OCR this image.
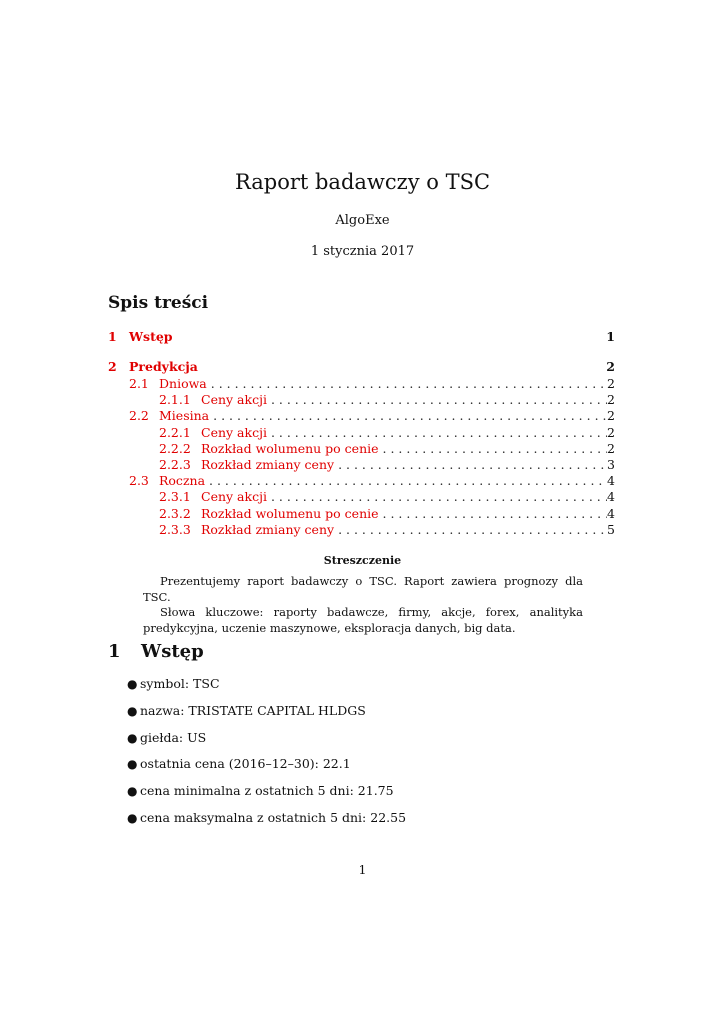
Raport badawczy o TSC
AlgoExe
1 stycznia 2017
Spis treści
1 Wstęp	1
2 Predykcja	2
2.1 Dniowa . . .	2
2.1.1 Ceny akcji . . .	2
2.2 Miesina . . .	2
2.2.1 Ceny akcji . . .	2
2.2.2 Rozkład wolumenu po cenie . . .	2
2.2.3 Rozkład zmiany ceny . . .	3
2.3 Roczna . . .	4
2.3.1 Ceny akcji . . .	4
2.3.2 Rozkład wolumenu po cenie . . .	4
2.3.3 Rozkład zmiany ceny . . .	5
Streszczenie

Prezentujemy raport badawczy o TSC. Raport zawiera prognozy dla TSC.

Słowa kluczowe: raporty badawcze, firmy, akcje, forex, analityka predykcyjna, uczenie maszynowe, eksploracja danych, big data.

1	Wstęp
● symbol: TSC
● nazwa: TRISTATE CAPITAL HLDGS
● giełda: US
● ostatnia cena (2016–12–30): 22.1
● cena minimalna z ostatnich 5 dni: 21.75
● cena maksymalna z ostatnich 5 dni: 22.55
1
